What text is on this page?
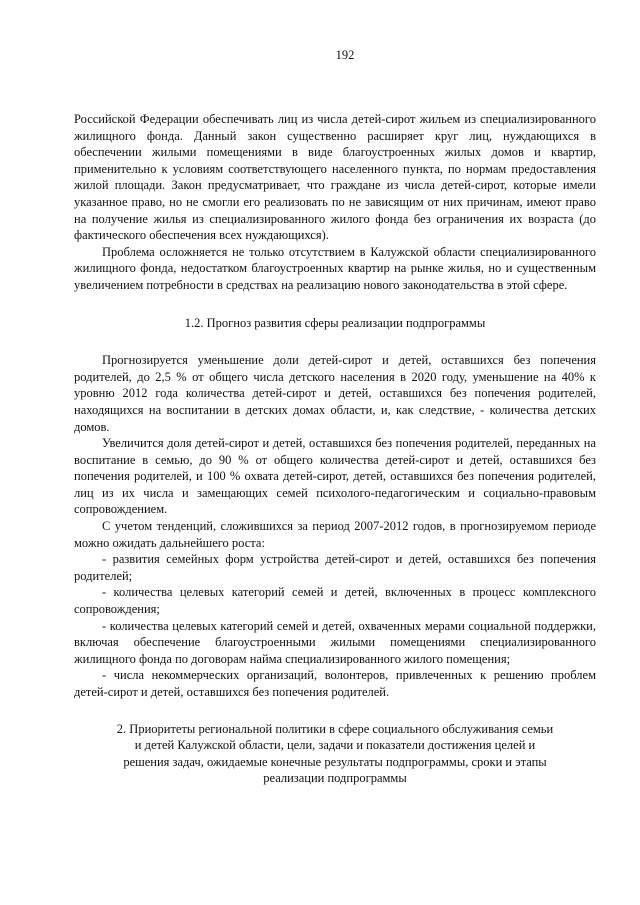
192

Российской Федерации обеспечивать лиц из числа детей-сирот жильем из специализированного жилищного фонда. Данный закон существенно расширяет круг лиц, нуждающихся в обеспечении жилыми помещениями в виде благоустроенных жилых домов и квартир, применительно к условиям соответствующего населенного пункта, по нормам предоставления жилой площади. Закон предусматривает, что граждане из числа детей-сирот, которые имели указанное право, но не смогли его реализовать по не зависящим от них причинам, имеют право на получение жилья из специализированного жилого фонда без ограничения их возраста (до фактического обеспечения всех нуждающихся).

Проблема осложняется не только отсутствием в Калужской области специализированного жилищного фонда, недостатком благоустроенных квартир на рынке жилья, но и существенным увеличением потребности в средствах на реализацию нового законодательства в этой сфере.

1.2. Прогноз развития сферы реализации подпрограммы

Прогнозируется уменьшение доли детей-сирот и детей, оставшихся без попечения родителей, до 2,5 % от общего числа детского населения в 2020 году, уменьшение на 40% к уровню 2012 года количества детей-сирот и детей, оставшихся без попечения родителей, находящихся на воспитании в детских домах области, и, как следствие, - количества детских домов.

Увеличится доля детей-сирот и детей, оставшихся без попечения родителей, переданных на воспитание в семью, до 90 % от общего количества детей-сирот и детей, оставшихся без попечения родителей, и 100 % охвата детей-сирот, детей, оставшихся без попечения родителей, лиц из их числа и замещающих семей психолого-педагогическим и социально-правовым сопровождением.

С учетом тенденций, сложившихся за период 2007-2012 годов, в прогнозируемом периоде можно ожидать дальнейшего роста:

- развития семейных форм устройства детей-сирот и детей, оставшихся без попечения родителей;

- количества целевых категорий семей и детей, включенных в процесс комплексного сопровождения;

- количества целевых категорий семей и детей, охваченных мерами социальной поддержки, включая обеспечение благоустроенными жилыми помещениями специализированного жилищного фонда по договорам найма специализированного жилого помещения;

- числа некоммерческих организаций, волонтеров, привлеченных к решению проблем детей-сирот и детей, оставшихся без попечения родителей.

2. Приоритеты региональной политики в сфере социального обслуживания семьи и детей Калужской области, цели, задачи и показатели достижения целей и решения задач, ожидаемые конечные результаты подпрограммы, сроки и этапы реализации подпрограммы
